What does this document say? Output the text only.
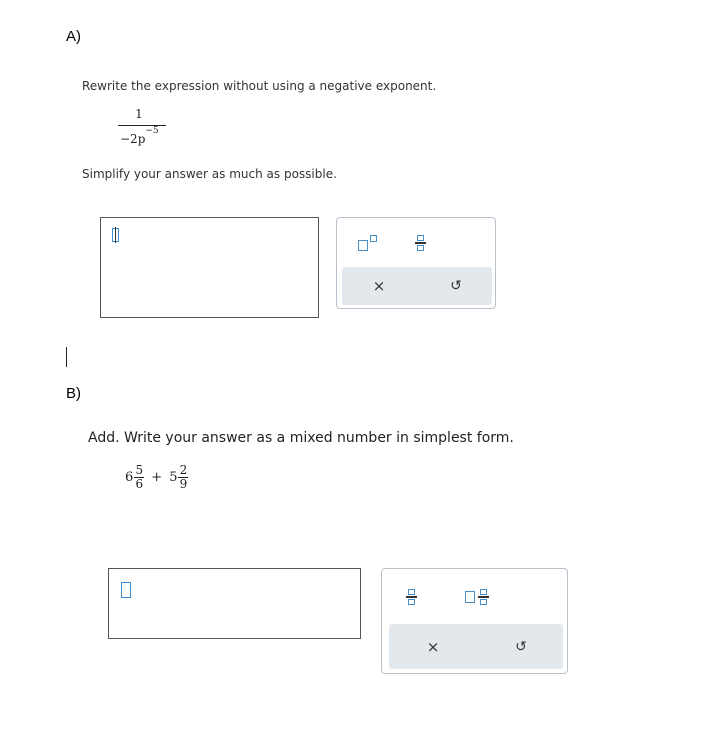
A)
Rewrite the expression without using a negative exponent.
1
$-2p^{-5}$
Simplify your answer as much as possible.
×	↺
B)
Add. Write your answer as a mixed number in simplest form.
6 5
6 + 5 2
9
×	↺
